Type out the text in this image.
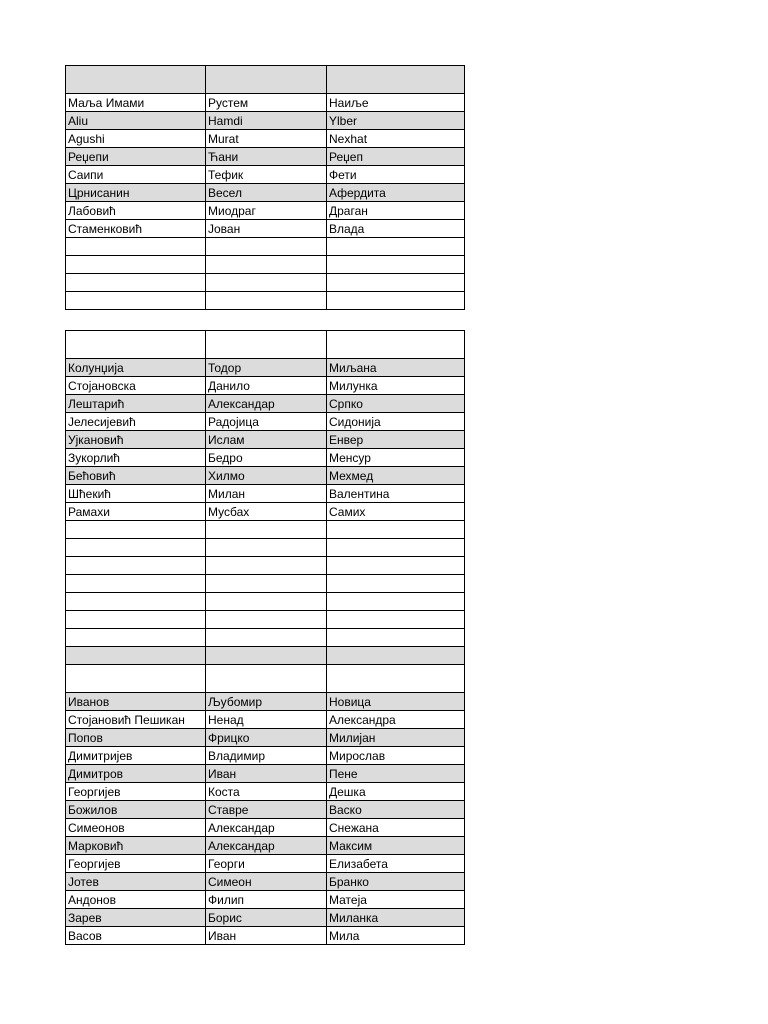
Маља Имами	Рустем	Наиље
Aliu	Hamdi	Ylber
Agushi	Murat	Nexhat
Реџепи	Ћани	Реџеп
Саипи	Тефик	Фети
Црнисанин	Весел	Афердита
Лабовић	Миодраг	Драган
Стаменковић	Јован	Влада

Колунџија	Тодор	Миљана
Стојановска	Данило	Милунка
Лештарић	Александар	Српко
Јелесијевић	Радојица	Сидонија
Ујкановић	Ислам	Енвер
Зукорлић	Бедро	Менсур
Бећовић	Хилмо	Мехмед
Шћекић	Милан	Валентина
Рамахи	Мусбах	Самих

Иванов	Љубомир	Новица
Стојановић Пешикан	Ненад	Александра
Попов	Фрицко	Милијан
Димитријев	Владимир	Мирослав
Димитров	Иван	Пене
Георгијев	Коста	Дешка
Божилов	Ставре	Васко
Симеонов	Александар	Снежана
Марковић	Александар	Максим
Георгијев	Георги	Елизабета
Јотев	Симеон	Бранко
Андонов	Филип	Матеја
Зарев	Борис	Миланка
Васов	Иван	Мила
